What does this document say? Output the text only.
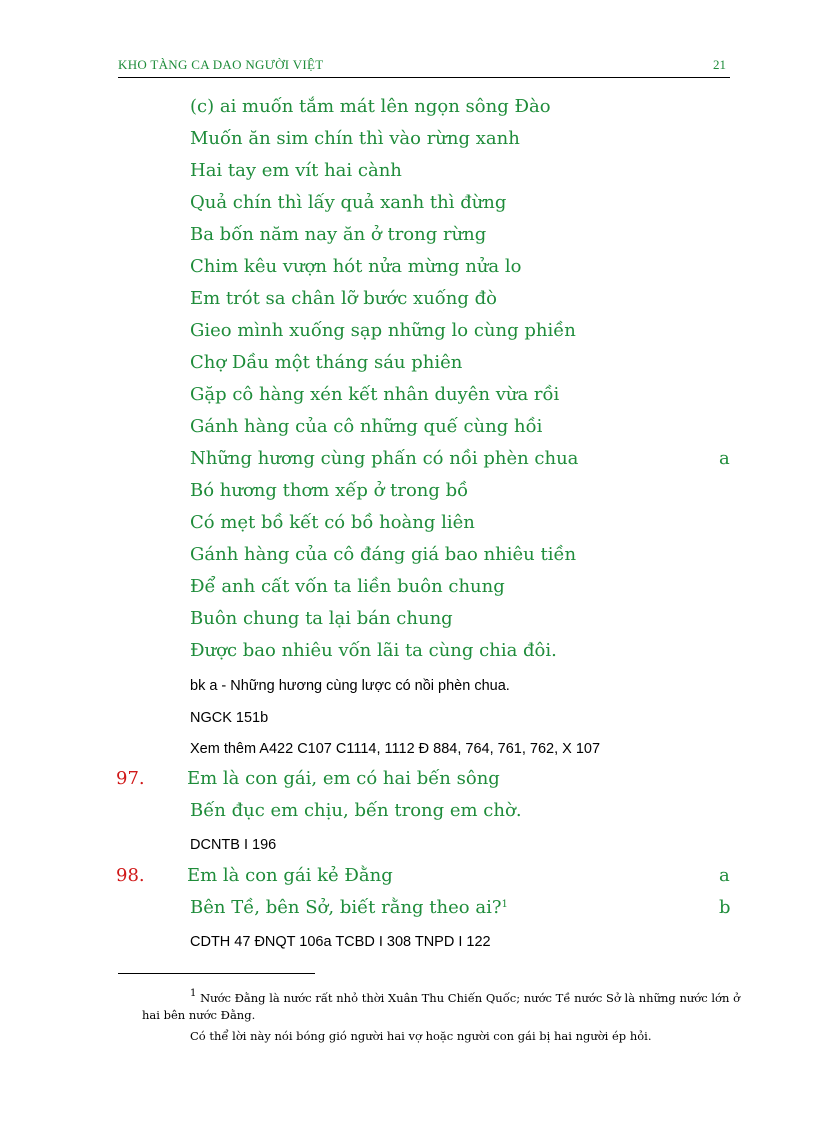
KHO TÀNG CA DAO NGƯỜI VIỆT	21
(c) ai muốn tắm mát lên ngọn sông Đào
Muốn ăn sim chín thì vào rừng xanh
Hai tay em vít hai cành
Quả chín thì lấy quả xanh thì đừng
Ba bốn năm nay ăn ở trong rừng
Chim kêu vượn hót nửa mừng nửa lo
Em trót sa chân lỡ bước xuống đò
Gieo mình xuống sạp những lo cùng phiền
Chợ Dầu một tháng sáu phiên
Gặp cô hàng xén kết nhân duyên vừa rồi
Gánh hàng của cô những quế cùng hồi
Những hương cùng phấn có nồi phèn chua	a
Bó hương thơm xếp ở trong bồ
Có mẹt bồ kết có bồ hoàng liên
Gánh hàng của cô đáng giá bao nhiêu tiền
Để anh cất vốn ta liền buôn chung
Buôn chung ta lại bán chung
Được bao nhiêu vốn lãi ta cùng chia đôi.
bk a - Những hương cùng lược có nồi phèn chua.
NGCK 151b
Xem thêm A422 C107 C1114, 1112 Đ 884, 764, 761, 762, X 107
97. Em là con gái, em có hai bến sông
Bến đục em chịu, bến trong em chờ.
DCNTB I 196
98. Em là con gái kẻ Đằng	a
Bên Tề, bên Sở, biết rằng theo ai?$^1$	b
CDTH 47 ĐNQT 106a TCBD I 308 TNPD I 122
$^1$ Nước Đằng là nước rất nhỏ thời Xuân Thu Chiến Quốc; nước Tề nước Sở là những nước lớn ở hai bên nước Đằng.
Có thể lời này nói bóng gió người hai vợ hoặc người con gái bị hai người ép hỏi.
